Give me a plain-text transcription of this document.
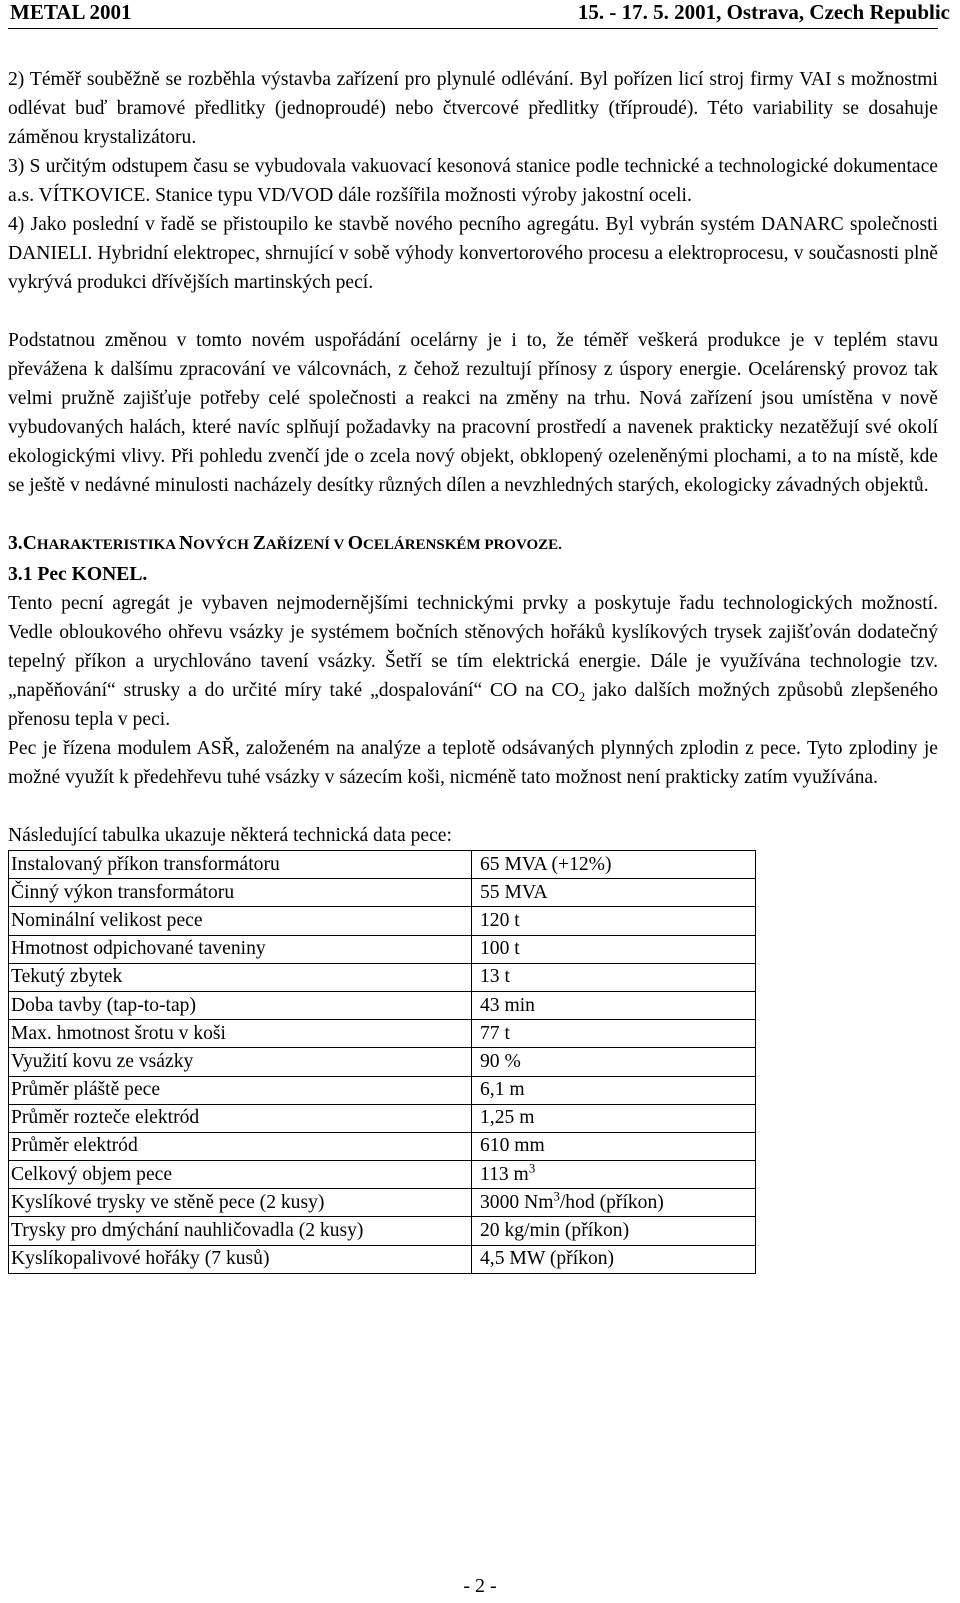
METAL 2001	15. - 17. 5. 2001, Ostrava, Czech Republic

2) Téměř souběžně se rozběhla výstavba zařízení pro plynulé odlévání. Byl pořízen licí stroj firmy VAI s možnostmi odlévat buď bramové předlitky (jednoproudé) nebo čtvercové předlitky (tříproudé). Této variability se dosahuje záměnou krystalizátoru.

3) S určitým odstupem času se vybudovala vakuovací kesonová stanice podle technické a technologické dokumentace a.s. VÍTKOVICE. Stanice typu VD/VOD dále rozšířila možnosti výroby jakostní oceli.

4) Jako poslední v řadě se přistoupilo ke stavbě nového pecního agregátu. Byl vybrán systém DANARC společnosti DANIELI. Hybridní elektropec, shrnující v sobě výhody konvertorového procesu a elektroprocesu, v současnosti plně vykrývá produkci dřívějších martinských pecí.

Podstatnou změnou v tomto novém uspořádání ocelárny je i to, že téměř veškerá produkce je v teplém stavu převážena k dalšímu zpracování ve válcovnách, z čehož rezultují přínosy z úspory energie. Ocelárenský provoz tak velmi pružně zajišťuje potřeby celé společnosti a reakci na změny na trhu. Nová zařízení jsou umístěna v nově vybudovaných halách, které navíc splňují požadavky na pracovní prostředí a navenek prakticky nezatěžují své okolí ekologickými vlivy. Při pohledu zvenčí jde o zcela nový objekt, obklopený ozeleněnými plochami, a to na místě, kde se ještě v nedávné minulosti nacházely desítky různých dílen a nevzhledných starých, ekologicky závadných objektů.

3.CHARAKTERISTIKA NOVÝCH ZAŘÍZENÍ V OCELÁRENSKÉM PROVOZE.

3.1 Pec KONEL.

Tento pecní agregát je vybaven nejmodernějšími technickými prvky a poskytuje řadu technologických možností. Vedle obloukového ohřevu vsázky je systémem bočních stěnových hořáků kyslíkových trysek zajišťován dodatečný tepelný příkon a urychlováno tavení vsázky. Šetří se tím elektrická energie. Dále je využívána technologie tzv. „napěňování“ strusky a do určité míry také „dospalování“ CO na $CO_2$ jako dalších možných způsobů zlepšeného přenosu tepla v peci.

Pec je řízena modulem ASŘ, založeném na analýze a teplotě odsávaných plynných zplodin z pece. Tyto zplodiny je možné využít k předehřevu tuhé vsázky v sázecím koši, nicméně tato možnost není prakticky zatím využívána.

Následující tabulka ukazuje některá technická data pece:

Instalovaný příkon transformátoru	65 MVA (+12%)
Činný výkon transformátoru	55 MVA
Nominální velikost pece	120 t
Hmotnost odpichované taveniny	100 t
Tekutý zbytek	13 t
Doba tavby (tap-to-tap)	43 min
Max. hmotnost šrotu v koši	77 t
Využití kovu ze vsázky	90 %
Průměr pláště pece	6,1 m
Průměr rozteče elektród	1,25 m
Průměr elektród	610 mm
Celkový objem pece	113 $m^3$
Kyslíkové trysky ve stěně pece (2 kusy)	3000 Nm$^3$/hod (příkon)
Trysky pro dmýchání nauhličovadla (2 kusy)	20 kg/min (příkon)
Kyslíkopalivové hořáky (7 kusů)	4,5 MW (příkon)
- 2 -
